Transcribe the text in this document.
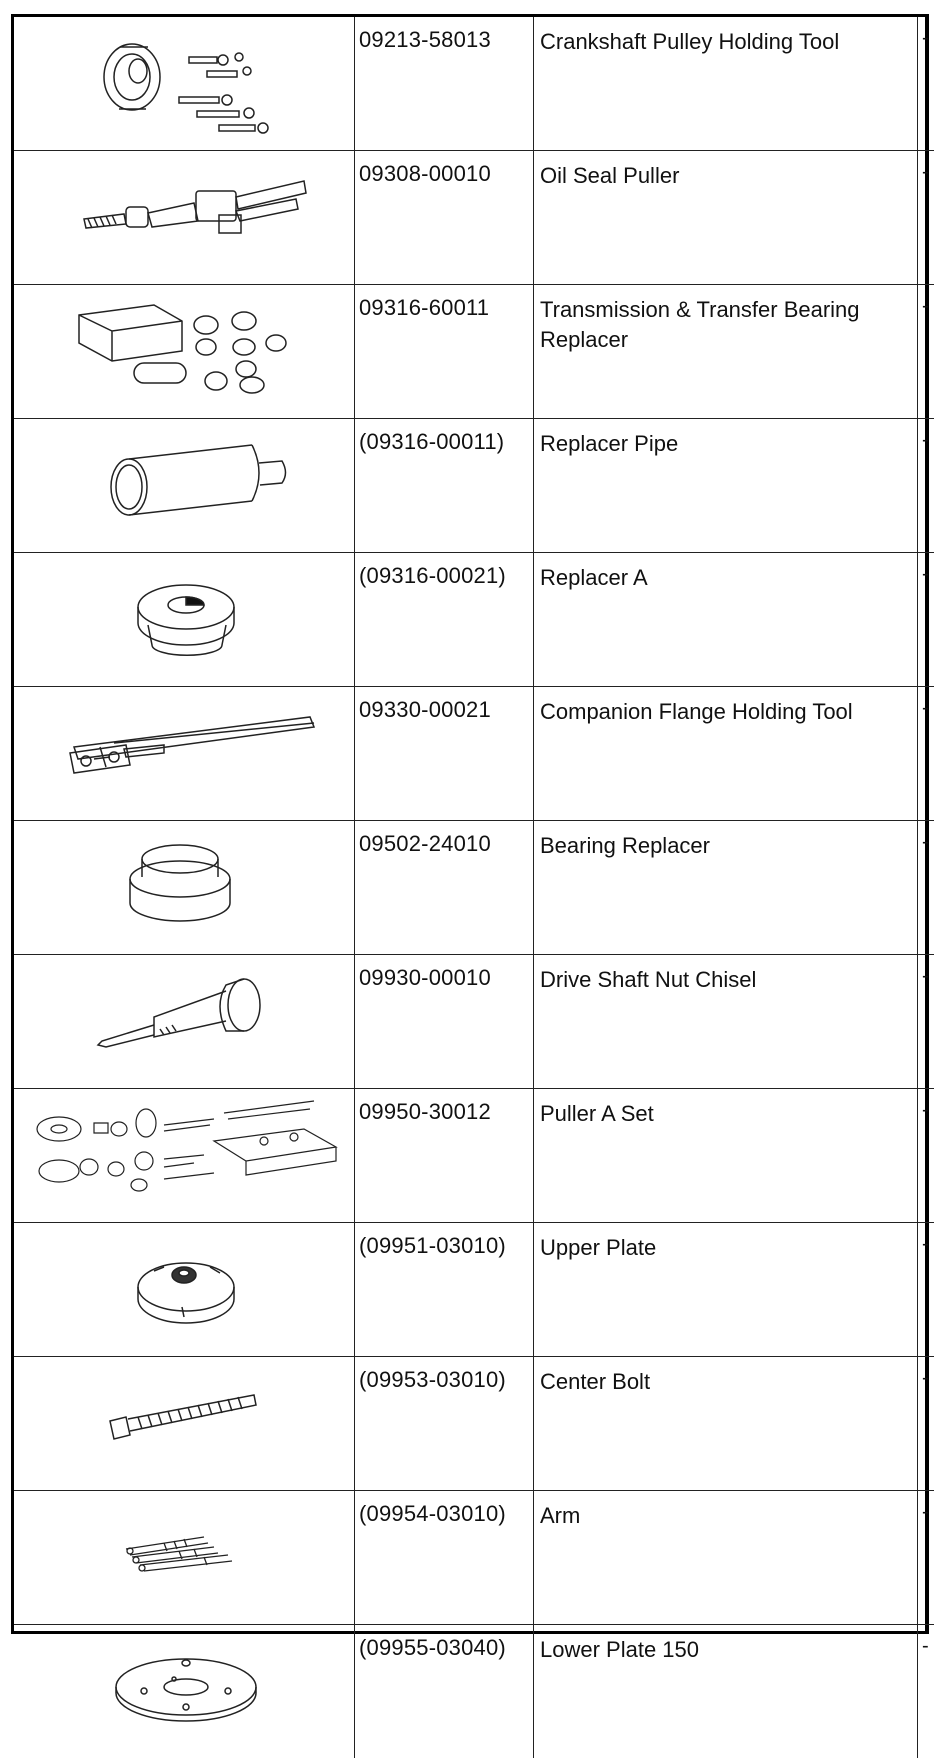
09213-58013	Crankshaft Pulley Holding Tool	-

09308-00010	Oil Seal Puller	-

09316-60011	Transmission & Transfer Bearing Replacer	-

(09316-00011)	Replacer Pipe	-

(09316-00021)	Replacer A	-

09330-00021	Companion Flange Holding Tool	-

09502-24010	Bearing Replacer	-

09930-00010	Drive Shaft Nut Chisel	-

09950-30012	Puller A Set	-

(09951-03010)	Upper Plate	-

(09953-03010)	Center Bolt	-

(09954-03010)	Arm	-

(09955-03040)	Lower Plate 150	-
